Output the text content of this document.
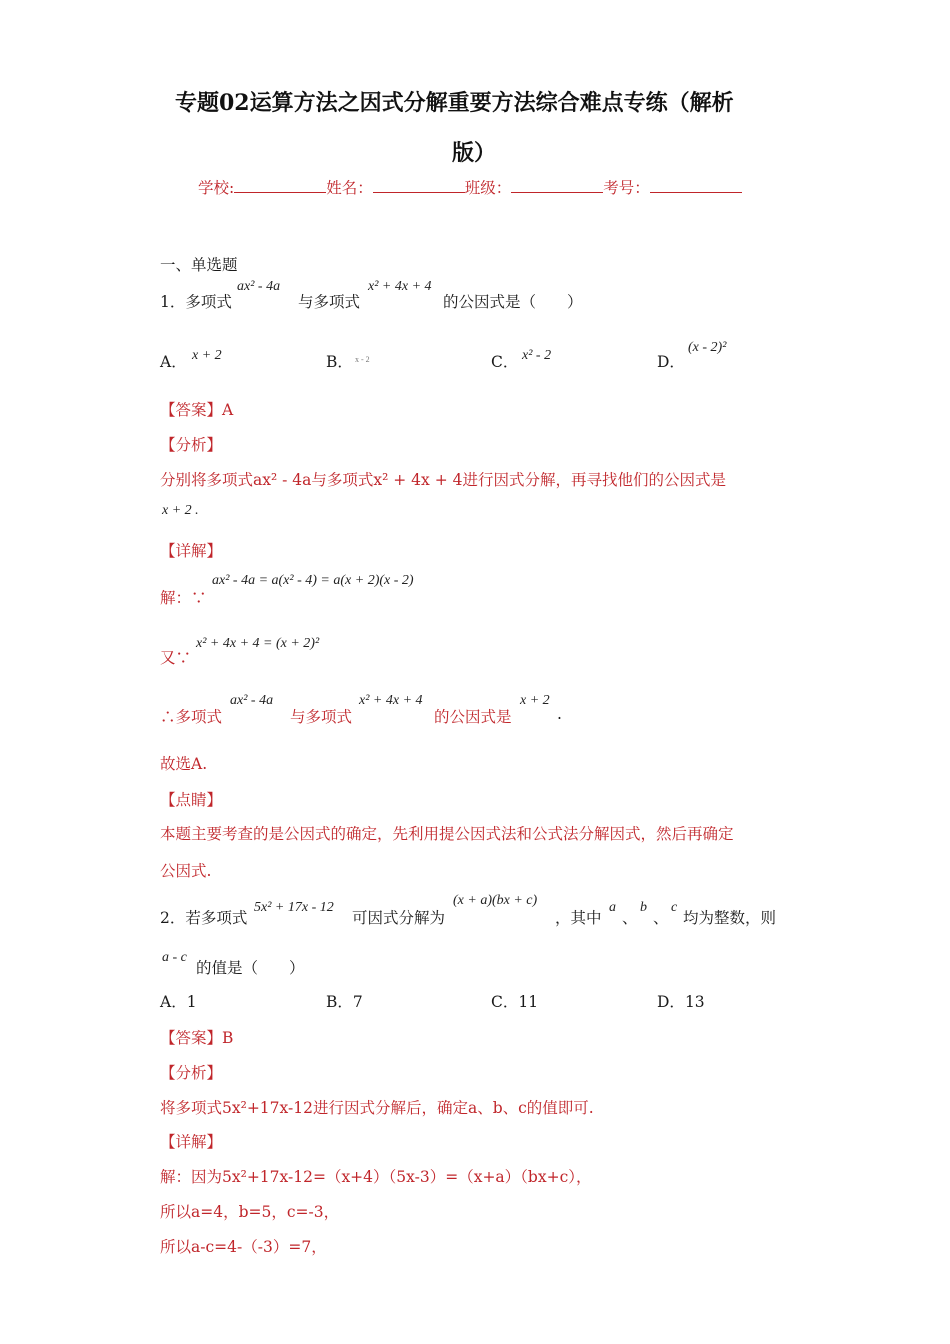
专题02运算方法之因式分解重要方法综合难点专练（解析
版）
学校:	姓名：	班级：	考号：
一、单选题
1．多项式
ax² - 4a
与多项式
x² + 4x + 4
的公因式是（　　）
A． x + 2	B． x - 2	C． x² - 2	D．
(x - 2)²
【答案】A
【分析】
分别将多项式ax² - 4a与多项式x² + 4x + 4进行因式分解，再寻找他们的公因式是
x + 2 .
【详解】
解：∵
ax² - 4a = a(x² - 4) = a(x + 2)(x - 2)
又∵
x² + 4x + 4 = (x + 2)²
∴多项式
ax² - 4a
与多项式
x² + 4x + 4
的公因式是
x + 2
.
故选A.
【点睛】
本题主要考查的是公因式的确定，先利用提公因式法和公式法分解因式，然后再确定
公因式.
2．若多项式
5x² + 17x - 12
可因式分解为
(x + a)(bx + c)
，其中
a
、
b
、
c
均为整数，则
a - c
的值是（　　）
A．1	B．7	C．11	D．13
【答案】B
【分析】
将多项式5x²+17x-12进行因式分解后，确定a、b、c的值即可.
【详解】
解：因为5x²+17x-12=（x+4）（5x-3）=（x+a）（bx+c），
所以a=4，b=5，c=-3，
所以a-c=4-（-3）=7，
